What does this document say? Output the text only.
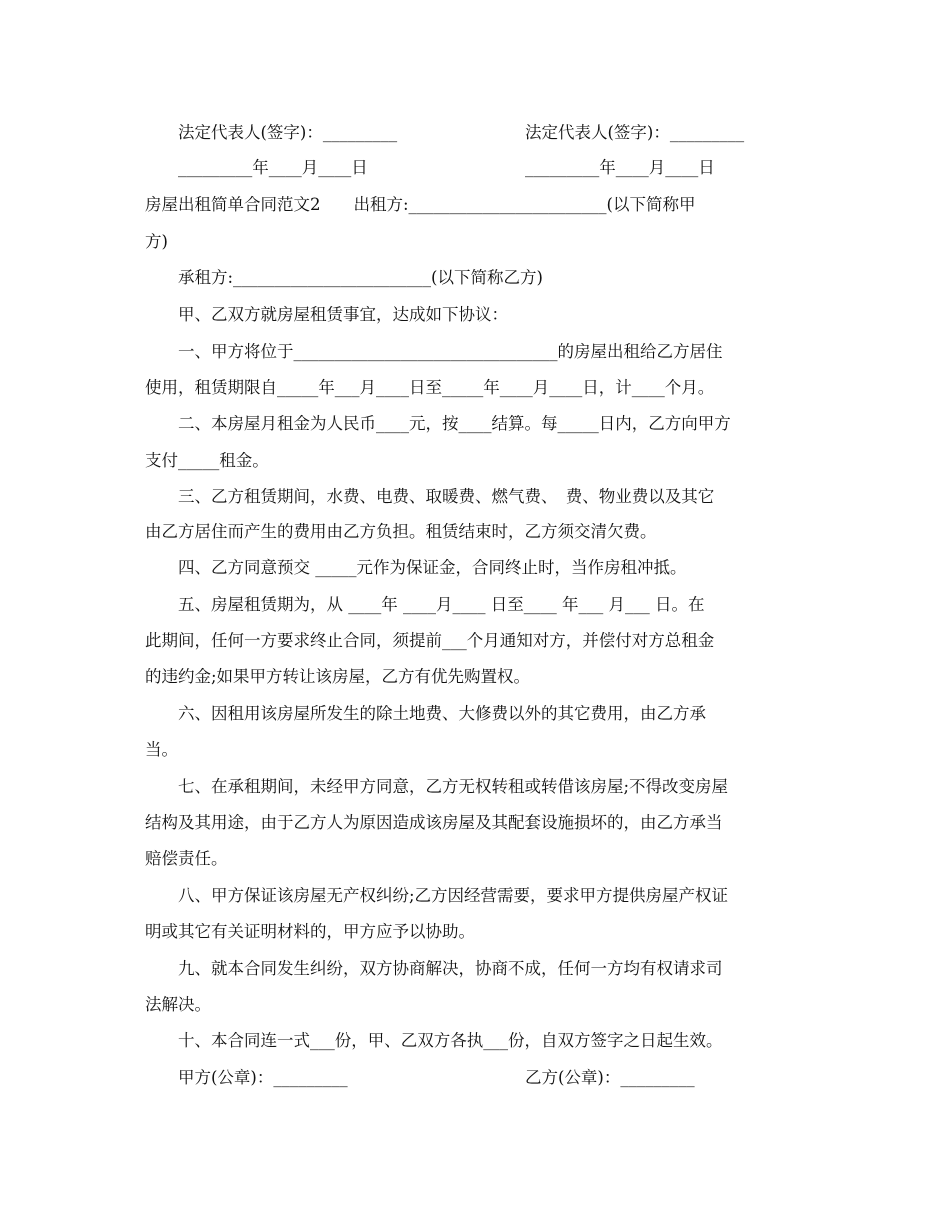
法定代表人(签字)：_________	法定代表人(签字)：_________
_________年____月____日	_________年____月____日
房屋出租简单合同范文2　　出租方:________________________(以下简称甲
方)
承租方:________________________(以下简称乙方)
甲、乙双方就房屋租赁事宜，达成如下协议：
一、甲方将位于________________________________的房屋出租给乙方居住
使用，租赁期限自_____年___月____日至_____年____月____日，计____个月。
二、本房屋月租金为人民币____元，按____结算。每_____日内，乙方向甲方
支付_____租金。
三、乙方租赁期间，水费、电费、取暖费、燃气费、　费、物业费以及其它
由乙方居住而产生的费用由乙方负担。租赁结束时，乙方须交清欠费。
四、乙方同意预交 _____元作为保证金，合同终止时，当作房租冲抵。
五、房屋租赁期为，从 ____年 ____月____ 日至____ 年___ 月___ 日。在
此期间，任何一方要求终止合同，须提前___个月通知对方，并偿付对方总租金
的违约金;如果甲方转让该房屋，乙方有优先购置权。
六、因租用该房屋所发生的除土地费、大修费以外的其它费用，由乙方承
当。
七、在承租期间，未经甲方同意，乙方无权转租或转借该房屋;不得改变房屋
结构及其用途，由于乙方人为原因造成该房屋及其配套设施损坏的，由乙方承当
赔偿责任。
八、甲方保证该房屋无产权纠纷;乙方因经营需要，要求甲方提供房屋产权证
明或其它有关证明材料的，甲方应予以协助。
九、就本合同发生纠纷，双方协商解决，协商不成，任何一方均有权请求司
法解决。
十、本合同连一式___份，甲、乙双方各执___份，自双方签字之日起生效。
甲方(公章)：_________	乙方(公章)：_________
